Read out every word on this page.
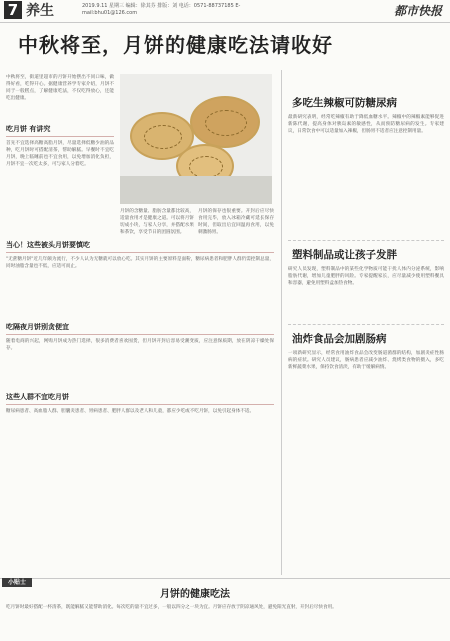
7 养生	2019.9.11 星期三 编辑：徐其芬 排版：刘 电话：0571-88737185 E-mail:bhu01@126.com	都市快报
中秋将至，月饼的健康吃法请收好
中秋将至，街道里超市的月饼开始摆出不同口味，做得好看，吃得开心。据健康营养学专家介绍，月饼不同于一般糕点，了解健康吃法，不仅吃得放心，还能吃出健康。
吃月饼 有讲究
首先不宜选择高糖高脂月饼，尽量选择低糖少油的品种，吃月饼时可搭配清茶，帮助解腻。早餐时不宜吃月饼，晚上临睡前也不宜食用，以免增加消化负担，月饼不宜一次吃太多，可与家人分着吃。
月饼的含糖量、脂肪含量都比较高，适量食用才是健康之道。可以将月饼切成小块，与家人分享，并搭配水果和茶饮，享受节日的团圆氛围。
月饼的保存也很重要。开封后应尽快食用完毕，放入冰箱冷藏可延长保存时间，但取出后宜回温再食用，以免刺激肠胃。
当心！这些被头月饼要慎吃
"无蔗糖月饼"近几年颇为流行，不少人认为无糖就可以放心吃。其实月饼的主要原料是面粉，糖尿病患者和肥胖人群仍需控制总量，同时油脂含量也不低，应适可而止。
吃隔夜月饼别贪便宜
随着电商的兴起，网购月饼成为热门选择，很多消费者喜欢囤货，但月饼开封后容易受潮变质，应注意保质期，放在阴凉干燥处保存。
这些人群不宜吃月饼
糖尿病患者、高血脂人群、胆囊炎患者、胃病患者、肥胖人群以及老人和儿童，都应少吃或不吃月饼，以免引起身体不适。
多吃生辣椒可防糖尿病
最新研究表明，经常吃辣椒有助于降低血糖水平。辣椒中的辣椒素能够促进新陈代谢，提高身体对胰岛素的敏感性，从而预防糖尿病的发生。专家建议，日常饮食中可以适量加入辣椒，但肠胃不适者应注意控制用量。
塑料制品或让孩子发胖
研究人员发现，塑料制品中的某些化学物质可能干扰人体内分泌系统，影响脂肪代谢，增加儿童肥胖的风险。专家提醒家长，应尽量减少使用塑料餐具和容器，避免用塑料盒加热食物。
油炸食品会加剧肠病
一项新研究显示，经常食用油炸食品会改变肠道菌群的结构，加剧炎症性肠病的症状。研究人员建议，肠病患者应减少油炸、烧烤类食物的摄入，多吃新鲜蔬菜水果，保持饮食清淡，有助于缓解病情。
小贴士
月饼的健康吃法
吃月饼时最好搭配一杯清茶，既能解腻又能帮助消化。每次吃的量不宜过多，一般以四分之一块为宜。月饼应存放于阴凉通风处，避免阳光直射，开封后尽快食用。
